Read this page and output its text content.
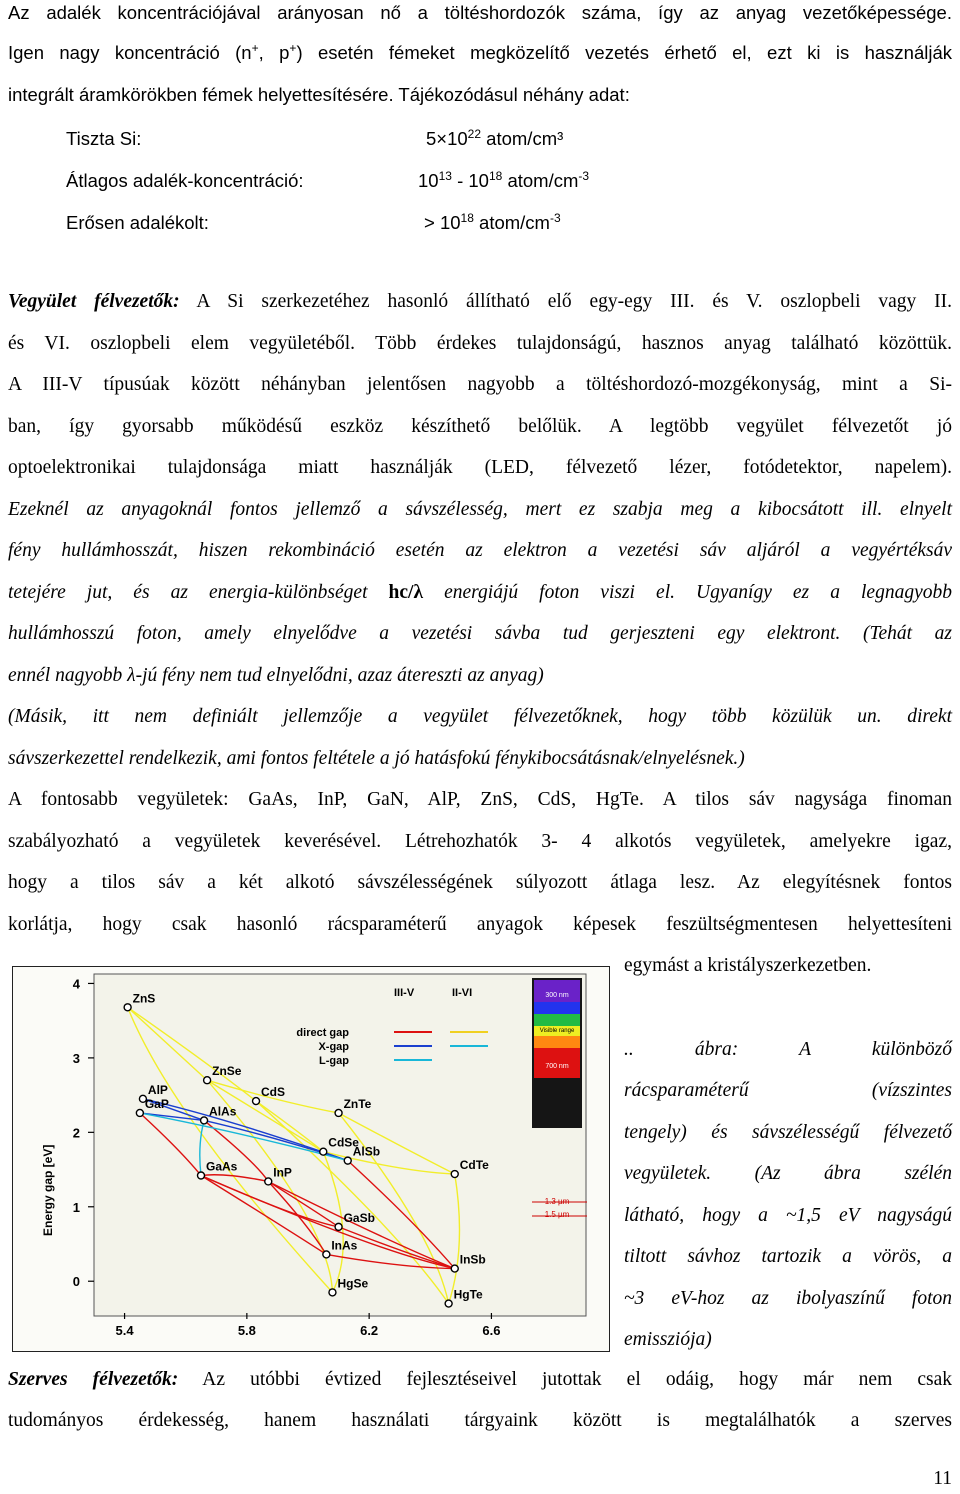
Az adalék koncentrációjával arányosan nő a töltéshordozók száma, így az anyag vezetőképessége.
Igen nagy koncentráció (n+, p+) esetén fémeket megközelítő vezetés érhető el, ezt ki is használják
integrált áramkörökben fémek helyettesítésére. Tájékozódásul néhány adat:
Tiszta Si:	$5\times 10^{22}$ atom/cm³
Átlagos adalék-koncentráció:	$10^{13} - 10^{18}$ atom/$cm^{-3}$
Erősen adalékolt:	> $10^{18}$ atom/$cm^{-3}$
Vegyület félvezetők: A Si szerkezetéhez hasonló állítható elő egy-egy III. és V. oszlopbeli vagy II.
és VI. oszlopbeli elem vegyületéből. Több érdekes tulajdonságú, hasznos anyag található közöttük.
A III-V típusúak között néhányban jelentősen nagyobb a töltéshordozó-mozgékonyság, mint a Si-
ban, így gyorsabb működésű eszköz készíthető belőlük. A legtöbb vegyület félvezetőt jó
optoelektronikai tulajdonsága miatt használják (LED, félvezető lézer, fotódetektor, napelem).
Ezeknél az anyagoknál fontos jellemző a sávszélesség, mert ez szabja meg a kibocsátott ill. elnyelt
fény hullámhosszát, hiszen rekombináció esetén az elektron a vezetési sáv aljáról a vegyértéksáv
tetejére jut, és az energia-különbséget hc/λ energiájú foton viszi el. Ugyanígy ez a legnagyobb
hullámhosszú foton, amely elnyelődve a vezetési sávba tud gerjeszteni egy elektront. (Tehát az
ennél nagyobb λ-jú fény nem tud elnyelődni, azaz átereszti az anyag)
(Másik, itt nem definiált jellemzője a vegyület félvezetőknek, hogy több közülük un. direkt
sávszerkezettel rendelkezik, ami fontos feltétele a jó hatásfokú fénykibocsátásnak/elnyelésnek.)
A fontosabb vegyületek: GaAs, InP, GaN, AlP, ZnS, CdS, HgTe. A tilos sáv nagysága finoman
szabályozható a vegyületek keverésével. Létrehozhatók 3- 4 alkotós vegyületek, amelyekre igaz,
hogy a tilos sáv a két alkotó sávszélességének súlyozott átlaga lesz. Az elegyítésnek fontos
korlátja, hogy csak hasonló rácsparaméterű anyagok képesek feszültségmentesen helyettesíteni
egymást a kristályszerkezetben.
300 nm
Visible range
700 nm
1.3 µm
1.5 µm
III-V	II-VI
direct gap
X-gap
L-gap
Energy gap [eV]
0
1
2
3
4
5.4	5.8	6.2	6.6
ZnS
ZnSe
AlP
GaP
CdS
AlAs
ZnTe
CdSe
GaAs	InP
AlSb
CdTe
GaSb
InAs
InSb
HgSe
HgTe
.. ábra: A különböző
rácsparaméterű (vízszintes
tengely) és sávszélességű félvezető
vegyületek. (Az ábra szélén
látható, hogy a ~1,5 eV nagyságú
tiltott sávhoz tartozik a vörös, a
~3 eV-hoz az ibolyaszínű foton
emissziója)
Szerves félvezetők: Az utóbbi évtized fejlesztéseivel jutottak el odáig, hogy már nem csak
tudományos érdekesség, hanem használati tárgyaink között is megtalálhatók a szerves
11
